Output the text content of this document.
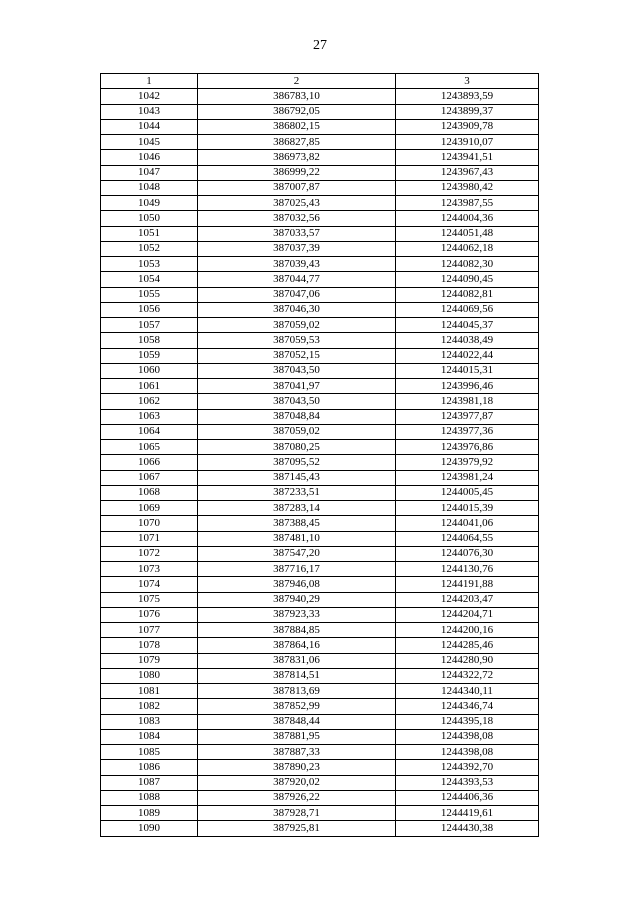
27
1	2	3
1042	386783,10	1243893,59
1043	386792,05	1243899,37
1044	386802,15	1243909,78
1045	386827,85	1243910,07
1046	386973,82	1243941,51
1047	386999,22	1243967,43
1048	387007,87	1243980,42
1049	387025,43	1243987,55
1050	387032,56	1244004,36
1051	387033,57	1244051,48
1052	387037,39	1244062,18
1053	387039,43	1244082,30
1054	387044,77	1244090,45
1055	387047,06	1244082,81
1056	387046,30	1244069,56
1057	387059,02	1244045,37
1058	387059,53	1244038,49
1059	387052,15	1244022,44
1060	387043,50	1244015,31
1061	387041,97	1243996,46
1062	387043,50	1243981,18
1063	387048,84	1243977,87
1064	387059,02	1243977,36
1065	387080,25	1243976,86
1066	387095,52	1243979,92
1067	387145,43	1243981,24
1068	387233,51	1244005,45
1069	387283,14	1244015,39
1070	387388,45	1244041,06
1071	387481,10	1244064,55
1072	387547,20	1244076,30
1073	387716,17	1244130,76
1074	387946,08	1244191,88
1075	387940,29	1244203,47
1076	387923,33	1244204,71
1077	387884,85	1244200,16
1078	387864,16	1244285,46
1079	387831,06	1244280,90
1080	387814,51	1244322,72
1081	387813,69	1244340,11
1082	387852,99	1244346,74
1083	387848,44	1244395,18
1084	387881,95	1244398,08
1085	387887,33	1244398,08
1086	387890,23	1244392,70
1087	387920,02	1244393,53
1088	387926,22	1244406,36
1089	387928,71	1244419,61
1090	387925,81	1244430,38
